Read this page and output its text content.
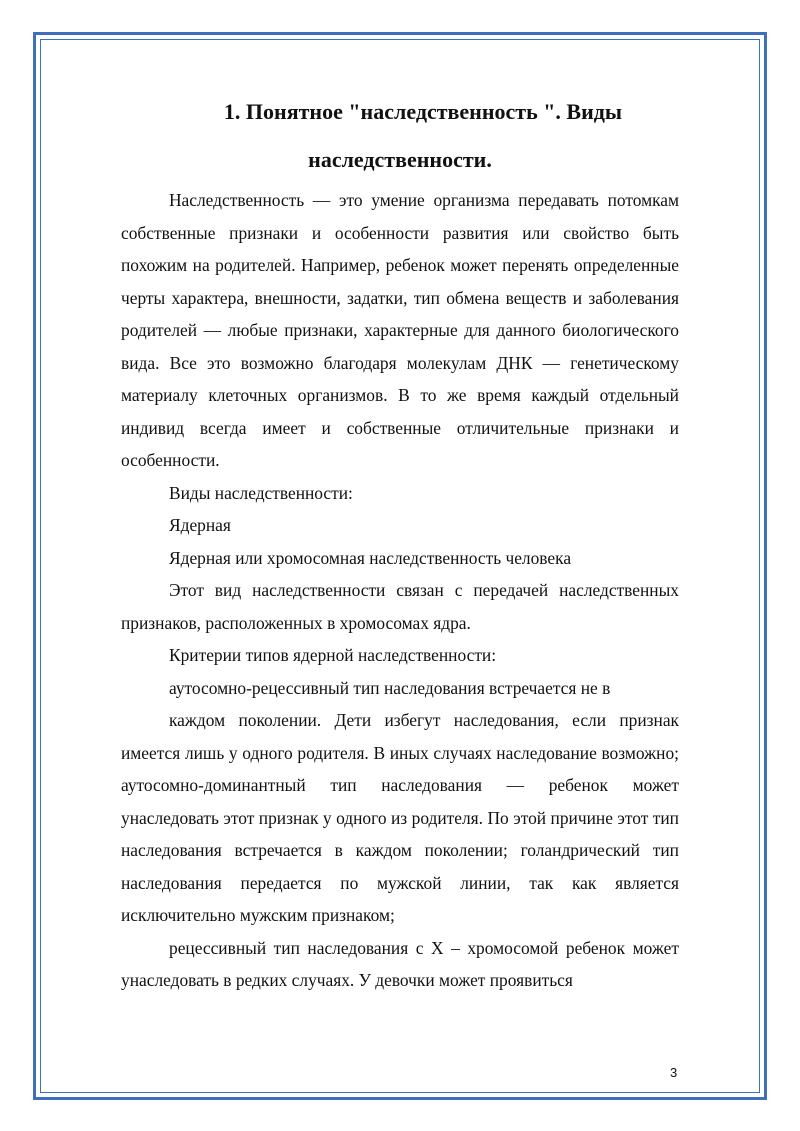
1. Понятное "наследственность ". Виды
наследственности.

Наследственность — это умение организма передавать потомкам собственные признаки и особенности развития или свойство быть похожим на родителей. Например, ребенок может перенять определенные черты характера, внешности, задатки, тип обмена веществ и заболевания родителей — любые признаки, характерные для данного биологического вида. Все это возможно благодаря молекулам ДНК — генетическому материалу клеточных организмов. В то же время каждый отдельный индивид всегда имеет и собственные отличительные признаки и особенности.

Виды наследственности:

Ядерная

Ядерная или хромосомная наследственность человека

Этот вид наследственности связан с передачей наследственных признаков, расположенных в хромосомах ядра.

Критерии типов ядерной наследственности:

аутосомно-рецессивный тип наследования встречается не в

каждом поколении. Дети избегут наследования, если признак имеется лишь у одного родителя. В иных случаях наследование возможно; аутосомно-доминантный тип наследования — ребенок может унаследовать этот признак у одного из родителя. По этой причине этот тип наследования встречается в каждом поколении; голандрический тип наследования передается по мужской линии, так как является исключительно мужским признаком;

рецессивный тип наследования с Х – хромосомой ребенок может унаследовать в редких случаях. У девочки может проявиться

3
